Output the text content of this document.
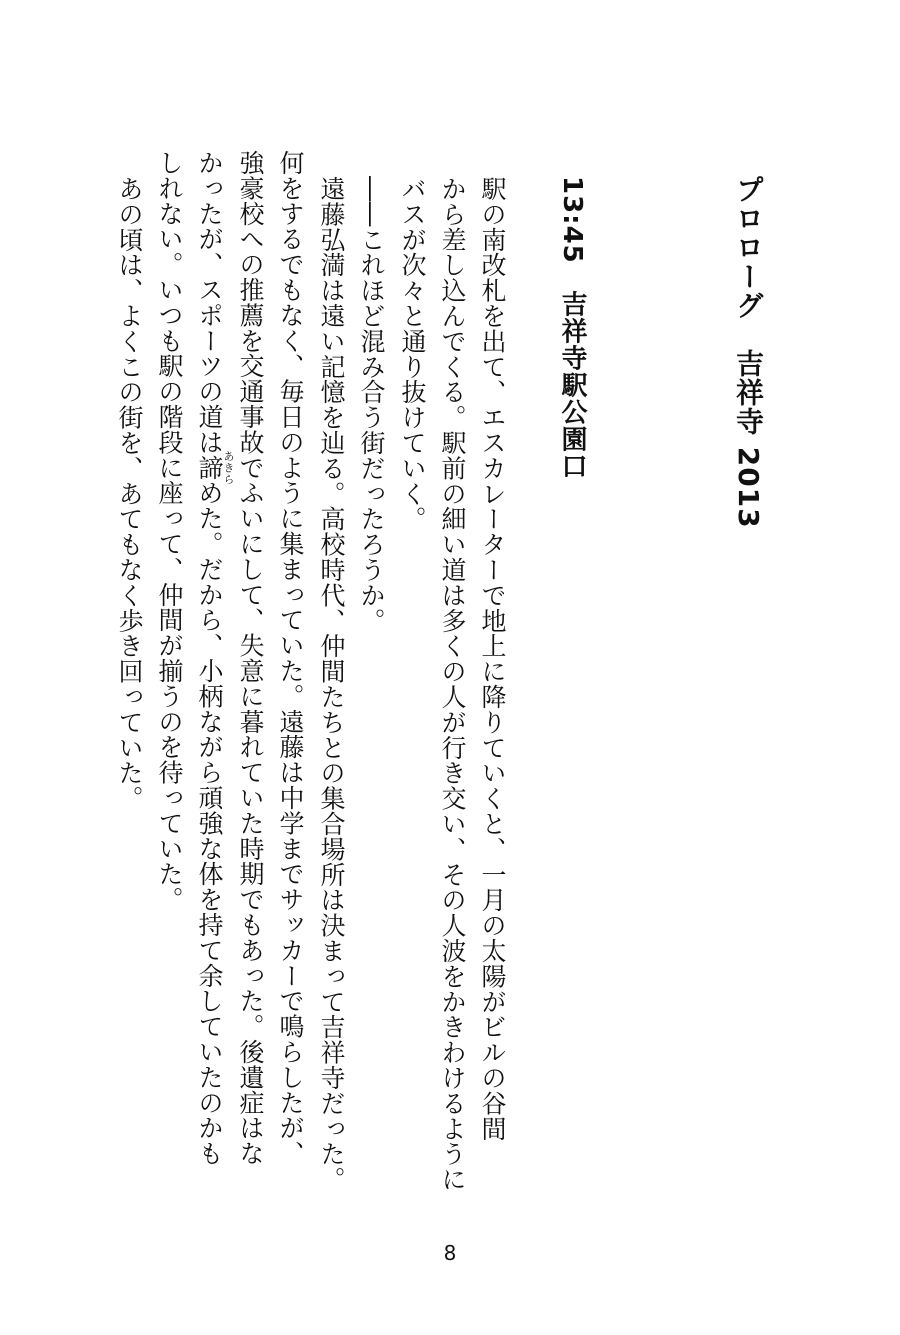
プロローグ　吉祥寺 2013
13:45　吉祥寺駅公園口

駅の南改札を出て、エスカレーターで地上に降りていくと、一月の太陽がビルの谷間

から差し込んでくる。駅前の細い道は多くの人が行き交い、その人波をかきわけるように

バスが次々と通り抜けていく。

――これほど混み合う街だったろうか。

遠藤弘満は遠い記憶を辿る。高校時代、仲間たちとの集合場所は決まって吉祥寺だった。

何をするでもなく、毎日のように集まっていた。遠藤は中学までサッカーで鳴らしたが、

強豪校への推薦を交通事故でふいにして、失意に暮れていた時期でもあった。後遺症はな

かったが、スポーツの道は諦あきらめた。だから、小柄ながら頑強な体を持て余していたのかも

しれない。いつも駅の階段に座って、仲間が揃うのを待っていた。

あの頃は、よくこの街を、あてもなく歩き回っていた。

8
